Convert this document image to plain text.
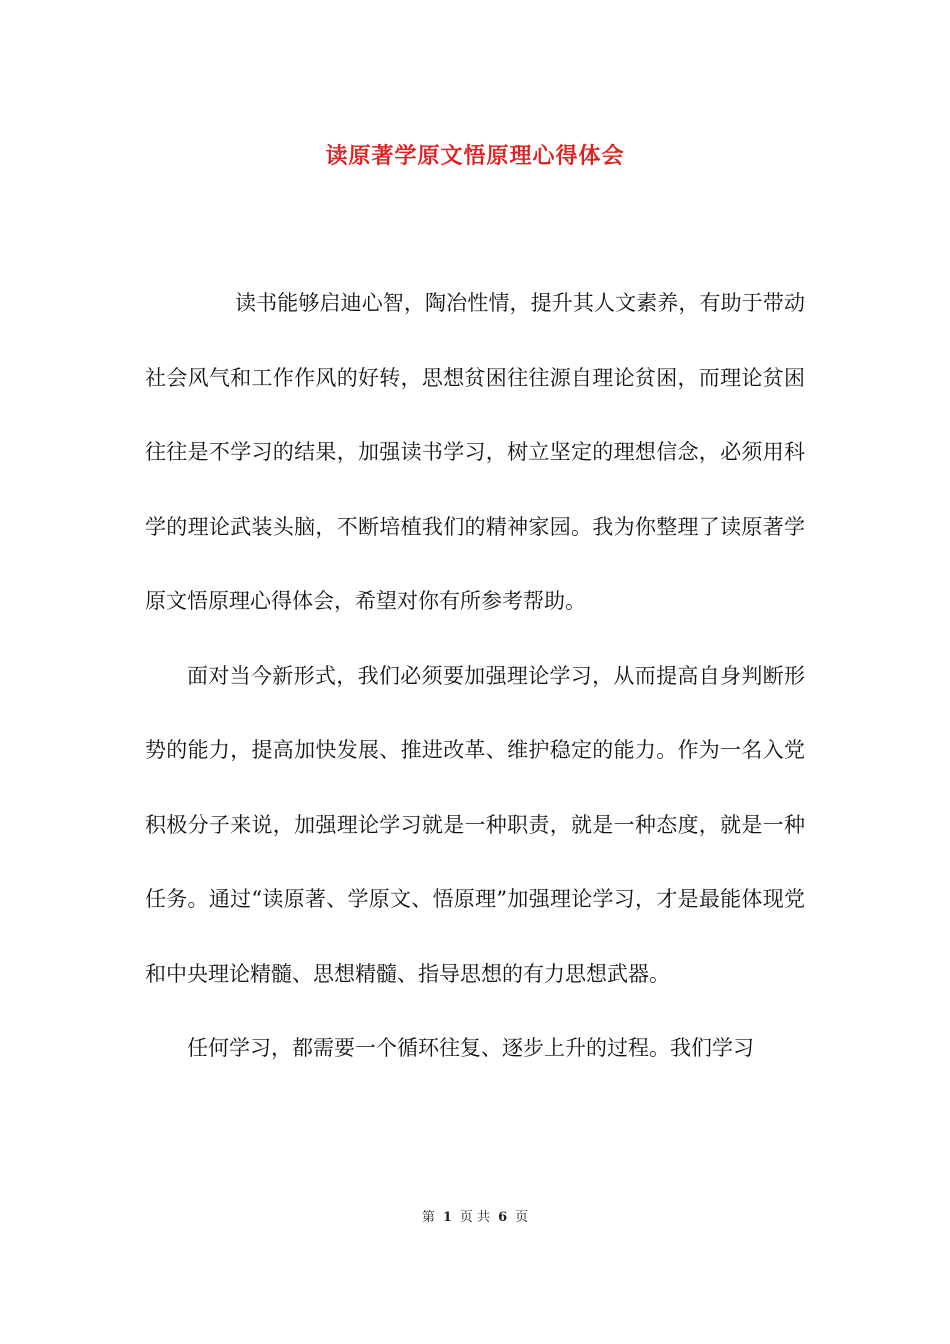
读原著学原文悟原理心得体会

读书能够启迪心智，陶冶性情，提升其人文素养，有助于带动社会风气和工作作风的好转，思想贫困往往源自理论贫困，而理论贫困往往是不学习的结果，加强读书学习，树立坚定的理想信念，必须用科学的理论武装头脑，不断培植我们的精神家园。我为你整理了读原著学原文悟原理心得体会，希望对你有所参考帮助。

面对当今新形式，我们必须要加强理论学习，从而提高自身判断形势的能力，提高加快发展、推进改革、维护稳定的能力。作为一名入党积极分子来说，加强理论学习就是一种职责，就是一种态度，就是一种任务。通过“读原著、学原文、悟原理”加强理论学习，才是最能体现党和中央理论精髓、思想精髓、指导思想的有力思想武器。

任何学习，都需要一个循环往复、逐步上升的过程。我们学习

第 1 页 共 6 页
